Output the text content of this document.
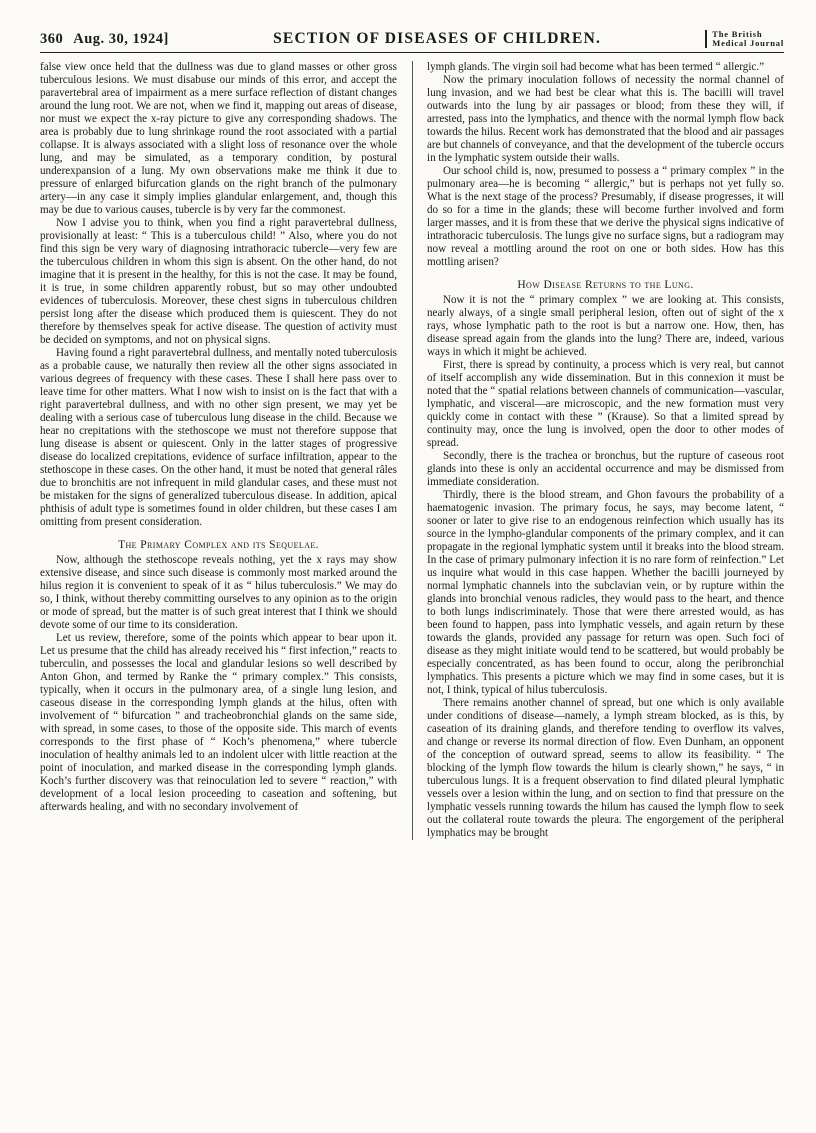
360 Aug. 30, 1924]	SECTION OF DISEASES OF CHILDREN.	The British
Medical Journal

false view once held that the dullness was due to gland masses or other gross tuberculous lesions. We must disabuse our minds of this error, and accept the paravertebral area of impairment as a mere surface reflection of distant changes around the lung root. We are not, when we find it, mapping out areas of disease, nor must we expect the x-ray picture to give any corresponding shadows. The area is probably due to lung shrinkage round the root associated with a partial collapse. It is always associated with a slight loss of resonance over the whole lung, and may be simulated, as a temporary condition, by postural underexpansion of a lung. My own observations make me think it due to pressure of enlarged bifurcation glands on the right branch of the pulmonary artery—in any case it simply implies glandular enlargement, and, though this may be due to various causes, tubercle is by very far the commonest.

Now I advise you to think, when you find a right paravertebral dullness, provisionally at least: “ This is a tuberculous child! ” Also, where you do not find this sign be very wary of diagnosing intrathoracic tubercle—very few are the tuberculous children in whom this sign is absent. On the other hand, do not imagine that it is present in the healthy, for this is not the case. It may be found, it is true, in some children apparently robust, but so may other undoubted evidences of tuberculosis. Moreover, these chest signs in tuberculous children persist long after the disease which produced them is quiescent. They do not therefore by themselves speak for active disease. The question of activity must be decided on symptoms, and not on physical signs.

Having found a right paravertebral dullness, and mentally noted tuberculosis as a probable cause, we naturally then review all the other signs associated in various degrees of frequency with these cases. These I shall here pass over to leave time for other matters. What I now wish to insist on is the fact that with a right paravertebral dullness, and with no other sign present, we may yet be dealing with a serious case of tuberculous lung disease in the child. Because we hear no crepitations with the stethoscope we must not therefore suppose that lung disease is absent or quiescent. Only in the latter stages of progressive disease do localized crepitations, evidence of surface infiltration, appear to the stethoscope in these cases. On the other hand, it must be noted that general râles due to bronchitis are not infrequent in mild glandular cases, and these must not be mistaken for the signs of generalized tuberculous disease. In addition, apical phthisis of adult type is sometimes found in older children, but these cases I am omitting from present consideration.

The Primary Complex and its Sequelae.

Now, although the stethoscope reveals nothing, yet the x rays may show extensive disease, and since such disease is commonly most marked around the hilus region it is convenient to speak of it as “ hilus tuberculosis.” We may do so, I think, without thereby committing ourselves to any opinion as to the origin or mode of spread, but the matter is of such great interest that I think we should devote some of our time to its consideration.

Let us review, therefore, some of the points which appear to bear upon it. Let us presume that the child has already received his “ first infection,” reacts to tuberculin, and possesses the local and glandular lesions so well described by Anton Ghon, and termed by Ranke the “ primary complex.” This consists, typically, when it occurs in the pulmonary area, of a single lung lesion, and caseous disease in the corresponding lymph glands at the hilus, often with involvement of “ bifurcation ” and tracheobronchial glands on the same side, with spread, in some cases, to those of the opposite side. This march of events corresponds to the first phase of “ Koch’s phenomena,” where tubercle inoculation of healthy animals led to an indolent ulcer with little reaction at the point of inoculation, and marked disease in the corresponding lymph glands. Koch’s further discovery was that reinoculation led to severe “ reaction,” with development of a local lesion proceeding to caseation and softening, but afterwards healing, and with no secondary involvement of

lymph glands. The virgin soil had become what has been termed “ allergic.”

Now the primary inoculation follows of necessity the normal channel of lung invasion, and we had best be clear what this is. The bacilli will travel outwards into the lung by air passages or blood; from these they will, if arrested, pass into the lymphatics, and thence with the normal lymph flow back towards the hilus. Recent work has demonstrated that the blood and air passages are but channels of conveyance, and that the development of the tubercle occurs in the lymphatic system outside their walls.

Our school child is, now, presumed to possess a “ primary complex ” in the pulmonary area—he is becoming “ allergic,” but is perhaps not yet fully so. What is the next stage of the process? Presumably, if disease progresses, it will do so for a time in the glands; these will become further involved and form larger masses, and it is from these that we derive the physical signs indicative of intrathoracic tuberculosis. The lungs give no surface signs, but a radiogram may now reveal a mottling around the root on one or both sides. How has this mottling arisen?

How Disease Returns to the Lung.

Now it is not the “ primary complex ” we are looking at. This consists, nearly always, of a single small peripheral lesion, often out of sight of the x rays, whose lymphatic path to the root is but a narrow one. How, then, has disease spread again from the glands into the lung? There are, indeed, various ways in which it might be achieved.

First, there is spread by continuity, a process which is very real, but cannot of itself accomplish any wide dissemination. But in this connexion it must be noted that the “ spatial relations between channels of communication—vascular, lymphatic, and visceral—are microscopic, and the new formation must very quickly come in contact with these ” (Krause). So that a limited spread by continuity may, once the lung is involved, open the door to other modes of spread.

Secondly, there is the trachea or bronchus, but the rupture of caseous root glands into these is only an accidental occurrence and may be dismissed from immediate consideration.

Thirdly, there is the blood stream, and Ghon favours the probability of a haematogenic invasion. The primary focus, he says, may become latent, “ sooner or later to give rise to an endogenous reinfection which usually has its source in the lympho-glandular components of the primary complex, and it can propagate in the regional lymphatic system until it breaks into the blood stream. In the case of primary pulmonary infection it is no rare form of reinfection.” Let us inquire what would in this case happen. Whether the bacilli journeyed by normal lymphatic channels into the subclavian vein, or by rupture within the glands into bronchial venous radicles, they would pass to the heart, and thence to both lungs indiscriminately. Those that were there arrested would, as has been found to happen, pass into lymphatic vessels, and again return by these towards the glands, provided any passage for return was open. Such foci of disease as they might initiate would tend to be scattered, but would probably be especially concentrated, as has been found to occur, along the peribronchial lymphatics. This presents a picture which we may find in some cases, but it is not, I think, typical of hilus tuberculosis.

There remains another channel of spread, but one which is only available under conditions of disease—namely, a lymph stream blocked, as is this, by caseation of its draining glands, and therefore tending to overflow its valves, and change or reverse its normal direction of flow. Even Dunham, an opponent of the conception of outward spread, seems to allow its feasibility. “ The blocking of the lymph flow towards the hilum is clearly shown,” he says, “ in tuberculous lungs. It is a frequent observation to find dilated pleural lymphatic vessels over a lesion within the lung, and on section to find that pressure on the lymphatic vessels running towards the hilum has caused the lymph flow to seek out the collateral route towards the pleura. The engorgement of the peripheral lymphatics may be brought
